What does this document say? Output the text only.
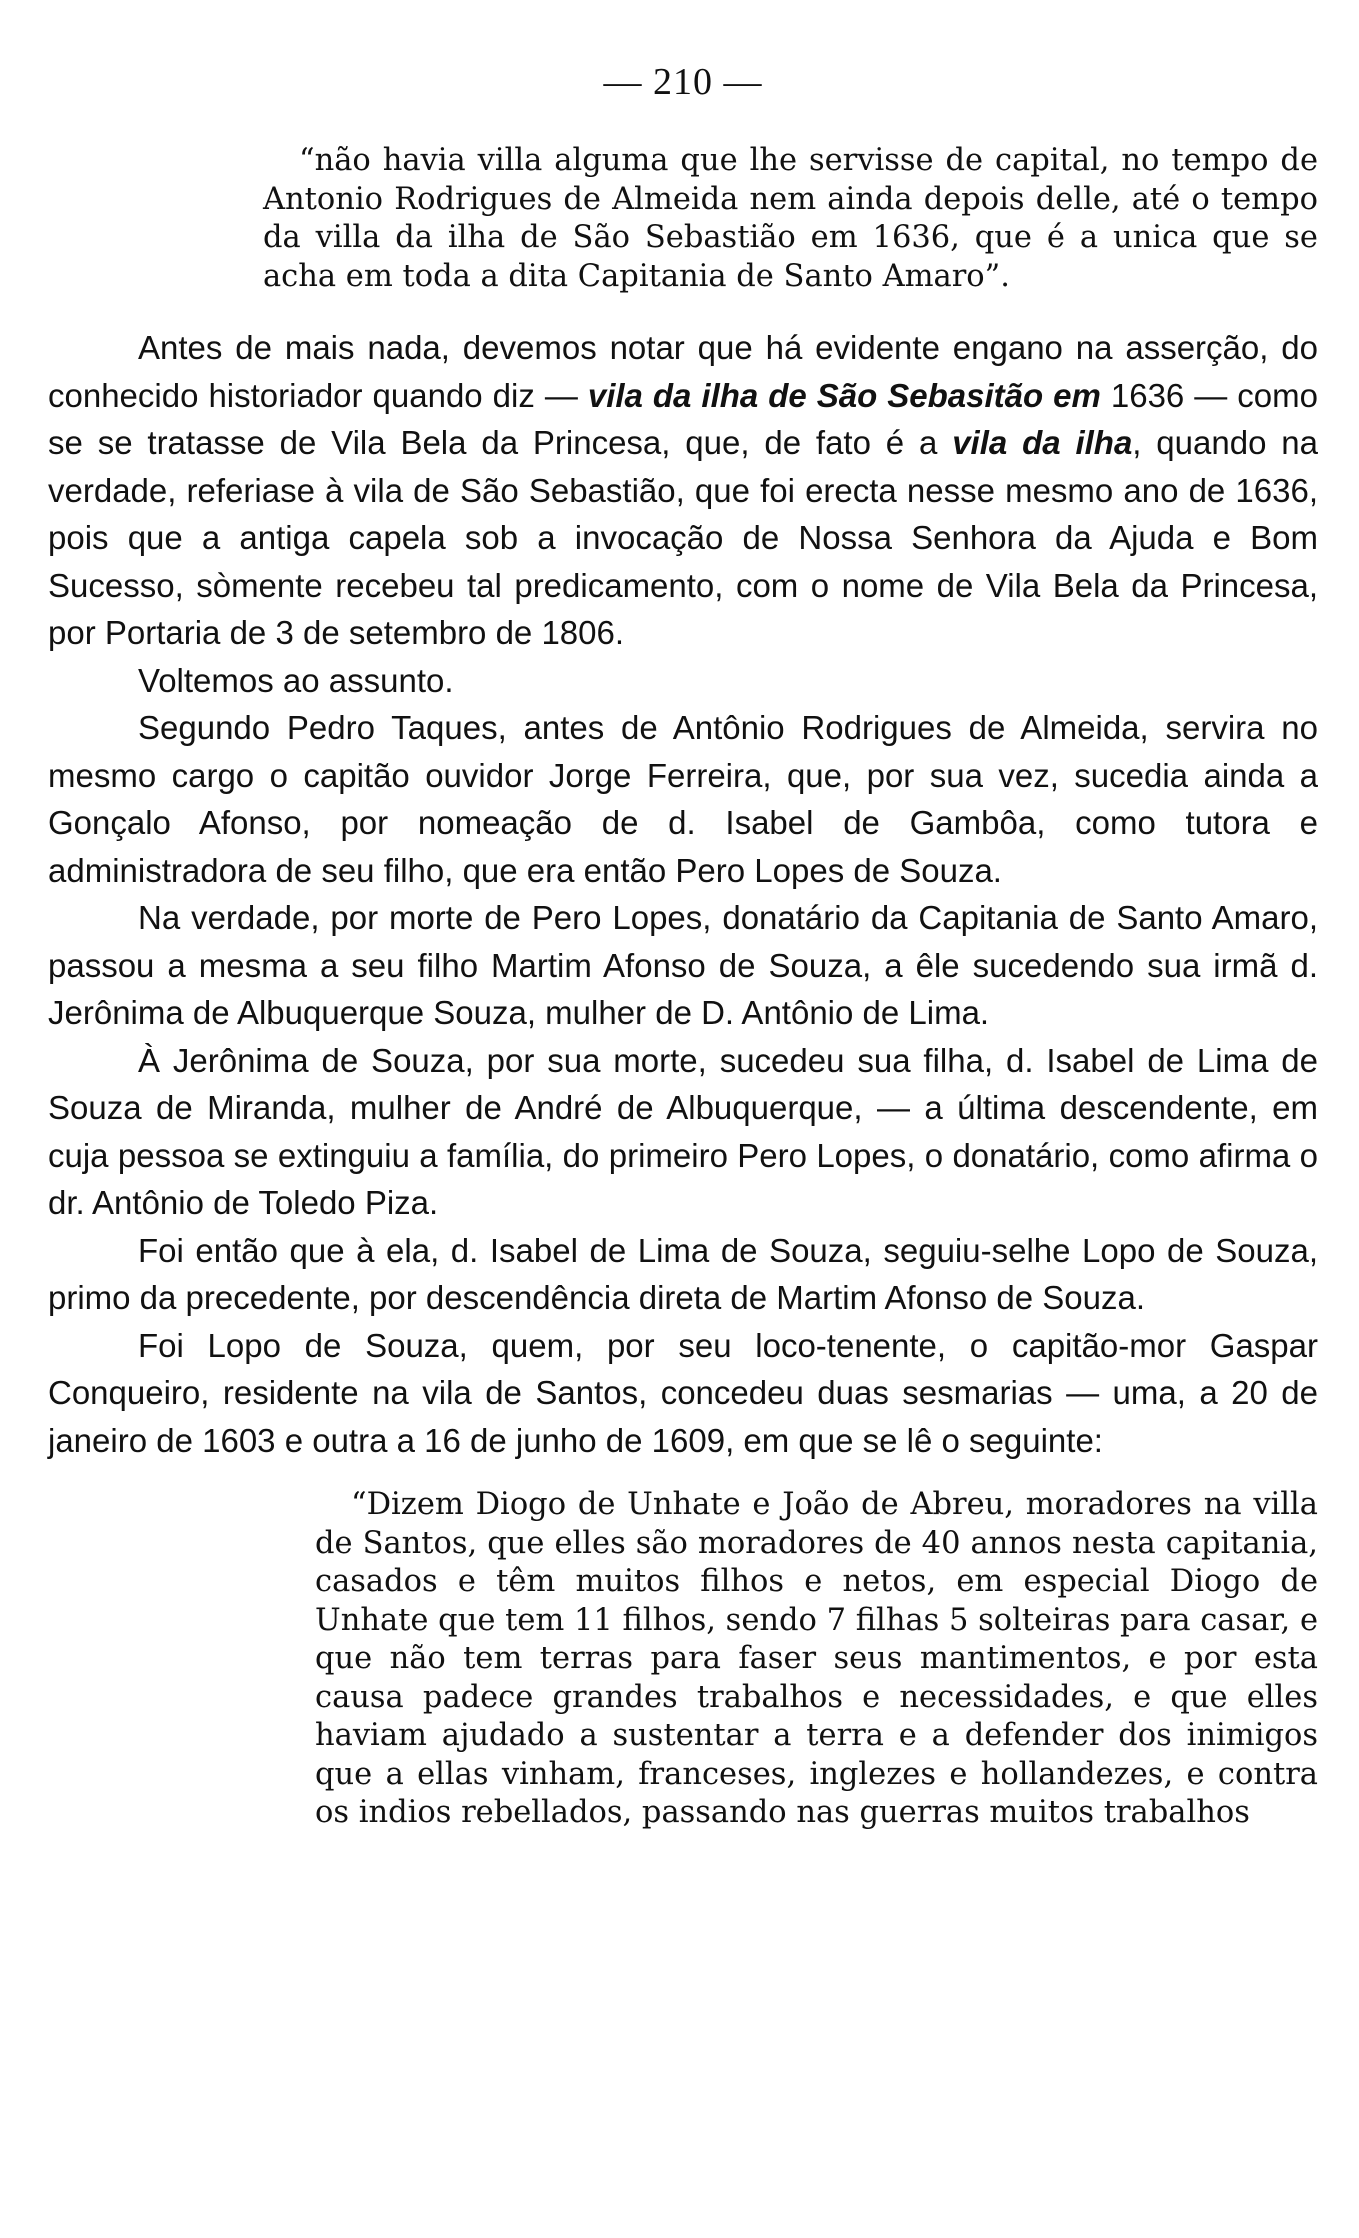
— 210 —

“não havia villa alguma que lhe servisse de capital, no tempo de Antonio Rodrigues de Almeida nem ainda depois delle, até o tempo da villa da ilha de São Sebastião em 1636, que é a unica que se acha em toda a dita Capitania de Santo Amaro”.

Antes de mais nada, devemos notar que há evidente engano na asserção, do conhecido historiador quando diz — vila da ilha de São Sebasitão em 1636 — como se se tratasse de Vila Bela da Princesa, que, de fato é a vila da ilha, quando na verdade, referiase à vila de São Sebastião, que foi erecta nesse mesmo ano de 1636, pois que a antiga capela sob a invocação de Nossa Senhora da Ajuda e Bom Sucesso, sòmente recebeu tal predicamento, com o nome de Vila Bela da Princesa, por Portaria de 3 de setembro de 1806.

Voltemos ao assunto.

Segundo Pedro Taques, antes de Antônio Rodrigues de Almeida, servira no mesmo cargo o capitão ouvidor Jorge Ferreira, que, por sua vez, sucedia ainda a Gonçalo Afonso, por nomeação de d. Isabel de Gambôa, como tutora e administradora de seu filho, que era então Pero Lopes de Souza.

Na verdade, por morte de Pero Lopes, donatário da Capitania de Santo Amaro, passou a mesma a seu filho Martim Afonso de Souza, a êle sucedendo sua irmã d. Jerônima de Albuquerque Souza, mulher de D. Antônio de Lima.

À Jerônima de Souza, por sua morte, sucedeu sua filha, d. Isabel de Lima de Souza de Miranda, mulher de André de Albuquerque, — a última descendente, em cuja pessoa se extinguiu a família, do primeiro Pero Lopes, o donatário, como afirma o dr. Antônio de Toledo Piza.

Foi então que à ela, d. Isabel de Lima de Souza, seguiu-selhe Lopo de Souza, primo da precedente, por descendência direta de Martim Afonso de Souza.

Foi Lopo de Souza, quem, por seu loco-tenente, o capitão-mor Gaspar Conqueiro, residente na vila de Santos, concedeu duas sesmarias — uma, a 20 de janeiro de 1603 e outra a 16 de junho de 1609, em que se lê o seguinte:

“Dizem Diogo de Unhate e João de Abreu, moradores na villa de Santos, que elles são moradores de 40 annos nesta capitania, casados e têm muitos filhos e netos, em especial Diogo de Unhate que tem 11 filhos, sendo 7 filhas 5 solteiras para casar, e que não tem terras para faser seus mantimentos, e por esta causa padece grandes trabalhos e necessidades, e que elles haviam ajudado a sustentar a terra e a defender dos inimigos que a ellas vinham, franceses, inglezes e hollandezes, e contra os indios rebellados, passando nas guerras muitos trabalhos
